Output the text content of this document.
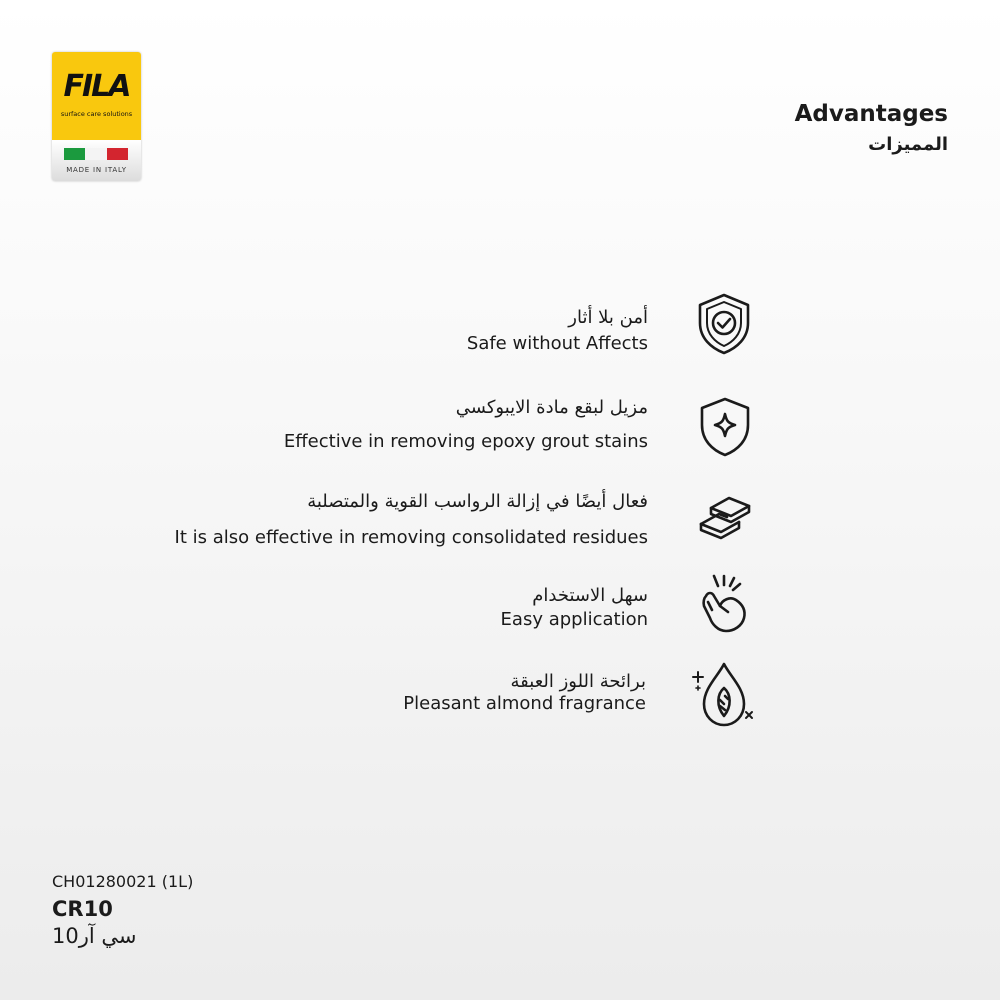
FILA
surface care solutions
MADE IN ITALY
Advantages
المميزات
أمن بلا أثار
Safe without Affects
مزيل لبقع مادة الايبوكسي
Effective in removing epoxy grout stains
فعال أيضًا في إزالة الرواسب القوية والمتصلبة
It is also effective in removing consolidated residues
سهل الاستخدام
Easy application
برائحة اللوز العبقة
Pleasant almond fragrance
CH01280021 (1L)
CR10
سي آر10
